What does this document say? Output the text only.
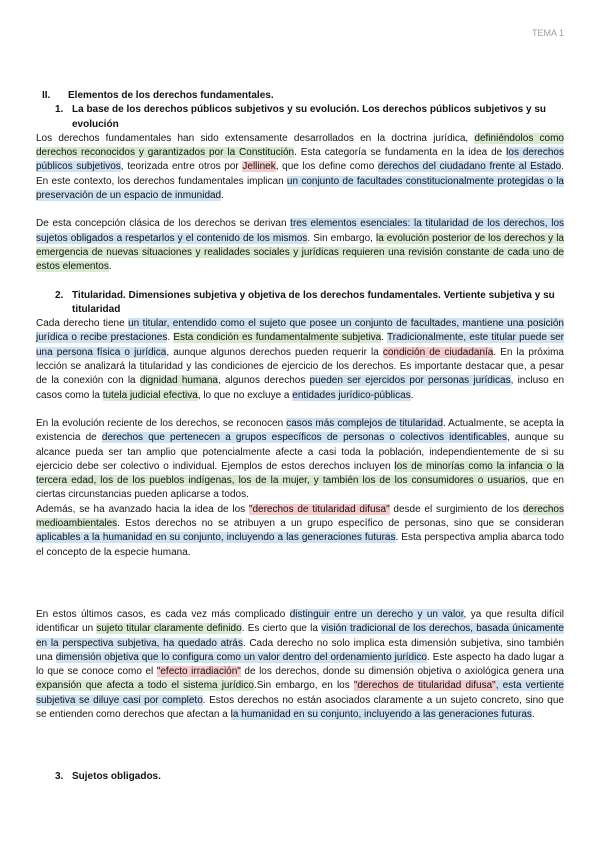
TEMA 1
II.	Elementos de los derechos fundamentales.
1. La base de los derechos públicos subjetivos y su evolución. Los derechos públicos subjetivos y su evolución

Los derechos fundamentales han sido extensamente desarrollados en la doctrina jurídica, definiéndolos como derechos reconocidos y garantizados por la Constitución. Esta categoría se fundamenta en la idea de los derechos públicos subjetivos, teorizada entre otros por Jellinek, que los define como derechos del ciudadano frente al Estado. En este contexto, los derechos fundamentales implican un conjunto de facultades constitucionalmente protegidas o la preservación de un espacio de inmunidad.

De esta concepción clásica de los derechos se derivan tres elementos esenciales: la titularidad de los derechos, los sujetos obligados a respetarlos y el contenido de los mismos. Sin embargo, la evolución posterior de los derechos y la emergencia de nuevas situaciones y realidades sociales y jurídicas requieren una revisión constante de cada uno de estos elementos.

2. Titularidad. Dimensiones subjetiva y objetiva de los derechos fundamentales. Vertiente subjetiva y su titularidad

Cada derecho tiene un titular, entendido como el sujeto que posee un conjunto de facultades, mantiene una posición jurídica o recibe prestaciones. Esta condición es fundamentalmente subjetiva. Tradicionalmente, este titular puede ser una persona física o jurídica, aunque algunos derechos pueden requerir la condición de ciudadanía. En la próxima lección se analizará la titularidad y las condiciones de ejercicio de los derechos. Es importante destacar que, a pesar de la conexión con la dignidad humana, algunos derechos pueden ser ejercidos por personas jurídicas, incluso en casos como la tutela judicial efectiva, lo que no excluye a entidades jurídico-públicas.

En la evolución reciente de los derechos, se reconocen casos más complejos de titularidad. Actualmente, se acepta la existencia de derechos que pertenecen a grupos específicos de personas o colectivos identificables, aunque su alcance pueda ser tan amplio que potencialmente afecte a casi toda la población, independientemente de si su ejercicio debe ser colectivo o individual. Ejemplos de estos derechos incluyen los de minorías como la infancia o la tercera edad, los de los pueblos indígenas, los de la mujer, y también los de los consumidores o usuarios, que en ciertas circunstancias pueden aplicarse a todos.

Además, se ha avanzado hacia la idea de los "derechos de titularidad difusa" desde el surgimiento de los derechos medioambientales. Estos derechos no se atribuyen a un grupo específico de personas, sino que se consideran aplicables a la humanidad en su conjunto, incluyendo a las generaciones futuras. Esta perspectiva amplia abarca todo el concepto de la especie humana.

En estos últimos casos, es cada vez más complicado distinguir entre un derecho y un valor, ya que resulta difícil identificar un sujeto titular claramente definido. Es cierto que la visión tradicional de los derechos, basada únicamente en la perspectiva subjetiva, ha quedado atrás. Cada derecho no solo implica esta dimensión subjetiva, sino también una dimensión objetiva que lo configura como un valor dentro del ordenamiento jurídico. Este aspecto ha dado lugar a lo que se conoce como el "efecto irradiación" de los derechos, donde su dimensión objetiva o axiológica genera una expansión que afecta a todo el sistema jurídico.Sin embargo, en los "derechos de titularidad difusa", esta vertiente subjetiva se diluye casi por completo. Estos derechos no están asociados claramente a un sujeto concreto, sino que se entienden como derechos que afectan a la humanidad en su conjunto, incluyendo a las generaciones futuras.

3. Sujetos obligados.
